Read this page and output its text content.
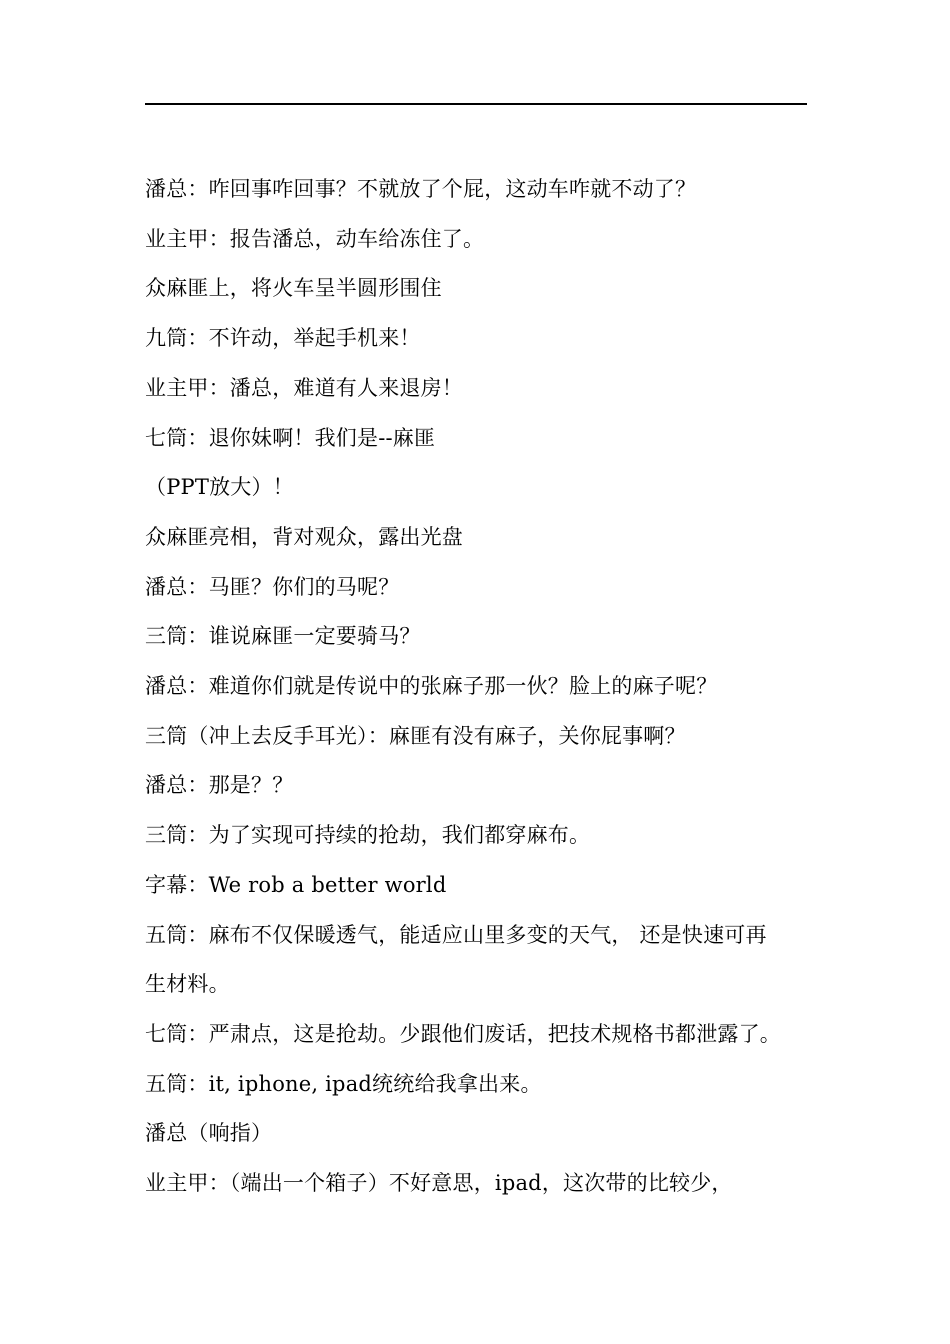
潘总：咋回事咋回事？不就放了个屁，这动车咋就不动了？

业主甲：报告潘总，动车给冻住了。

众麻匪上，将火车呈半圆形围住

九筒：不许动，举起手机来！

业主甲：潘总，难道有人来退房！

七筒：退你妹啊！我们是--麻匪

（PPT放大）！

众麻匪亮相，背对观众，露出光盘

潘总：马匪？你们的马呢？

三筒：谁说麻匪一定要骑马？

潘总：难道你们就是传说中的张麻子那一伙？脸上的麻子呢？

三筒（冲上去反手耳光）：麻匪有没有麻子，关你屁事啊？

潘总：那是？？

三筒：为了实现可持续的抢劫，我们都穿麻布。

字幕：We rob a better world

五筒：麻布不仅保暖透气，能适应山里多变的天气， 还是快速可再

生材料。

七筒：严肃点，这是抢劫。少跟他们废话，把技术规格书都泄露了。

五筒：it, iphone, ipad统统给我拿出来。

潘总（响指）

业主甲：（端出一个箱子）不好意思，ipad，这次带的比较少，
